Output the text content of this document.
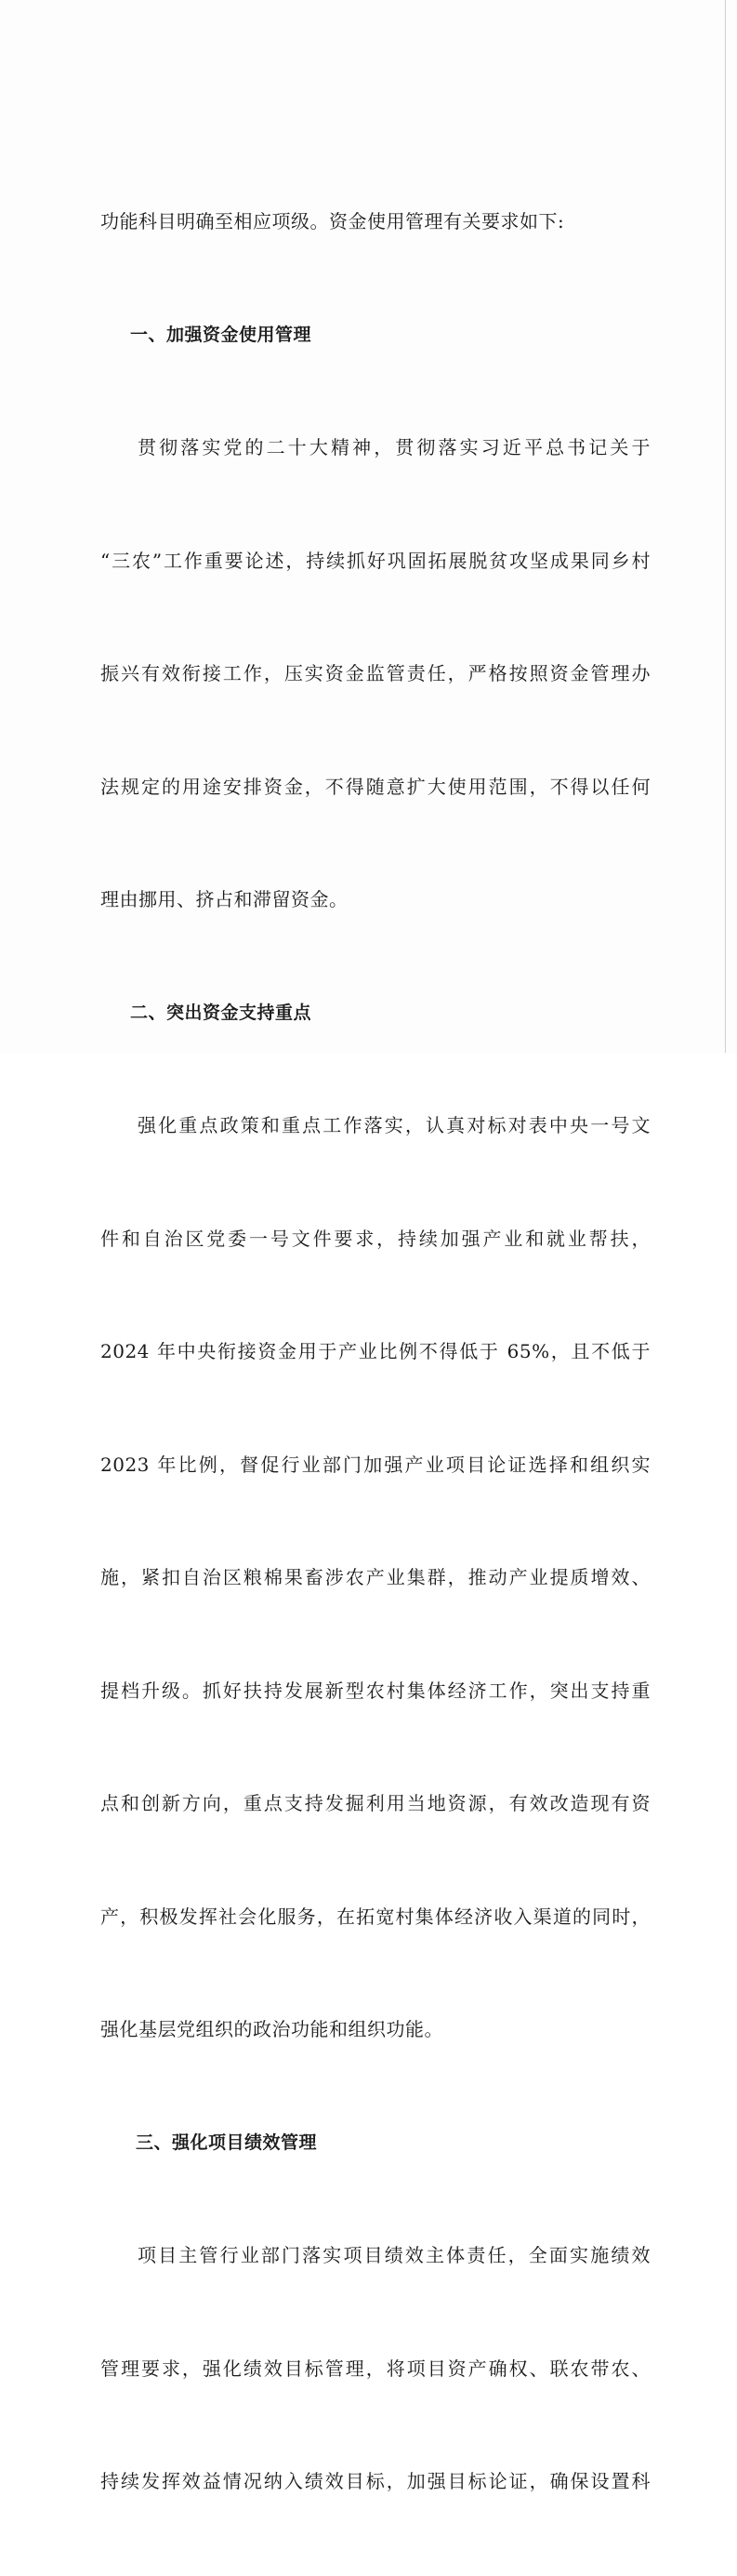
功能科目明确至相应项级。资金使用管理有关要求如下:

一、加强资金使用管理

贯彻落实党的二十大精神，贯彻落实习近平总书记关于

“三农”工作重要论述，持续抓好巩固拓展脱贫攻坚成果同乡村

振兴有效衔接工作，压实资金监管责任，严格按照资金管理办

法规定的用途安排资金，不得随意扩大使用范围，不得以任何

理由挪用、挤占和滞留资金。

二、突出资金支持重点

强化重点政策和重点工作落实，认真对标对表中央一号文

件和自治区党委一号文件要求，持续加强产业和就业帮扶，

2024 年中央衔接资金用于产业比例不得低于 65%，且不低于

2023 年比例，督促行业部门加强产业项目论证选择和组织实

施，紧扣自治区粮棉果畜涉农产业集群，推动产业提质增效、

提档升级。抓好扶持发展新型农村集体经济工作，突出支持重

点和创新方向，重点支持发掘利用当地资源，有效改造现有资

产，积极发挥社会化服务，在拓宽村集体经济收入渠道的同时，

强化基层党组织的政治功能和组织功能。

三、强化项目绩效管理

项目主管行业部门落实项目绩效主体责任，全面实施绩效

管理要求，强化绩效目标管理，将项目资产确权、联农带农、

持续发挥效益情况纳入绩效目标，加强目标论证，确保设置科
